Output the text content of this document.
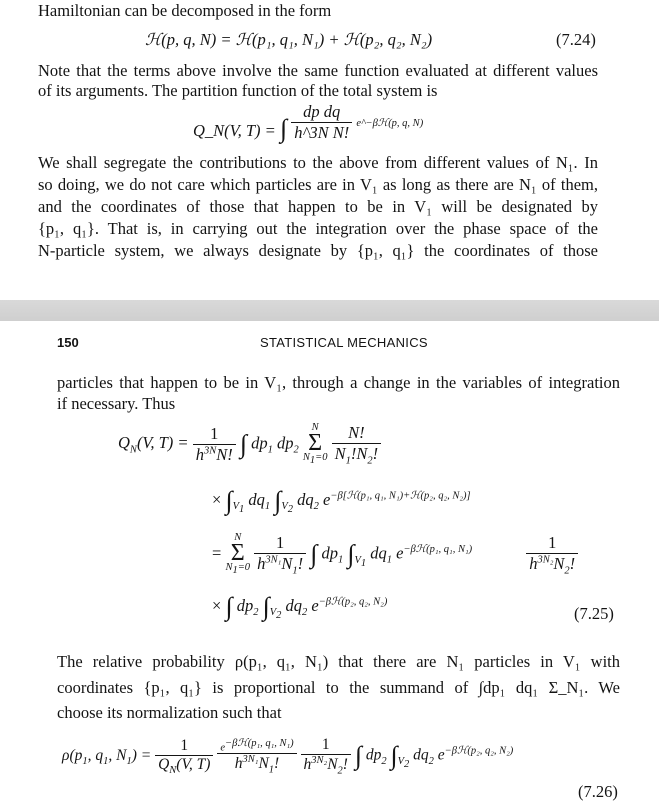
Hamiltonian can be decomposed in the form
ℋ(p, q, N) = ℋ(p₁, q₁, N₁) + ℋ(p₂, q₂, N₂)	(7.24)
Note that the terms above involve the same function evaluated at different values
of its arguments. The partition function of the total system is
Q_N(V, T) = ∫ $\frac{\text{dp dq}}{\text{h\textasciicircum{}3N N!}}$ e^−βℋ(p, q, N)
We shall segregate the contributions to the above from different values of N₁. In
so doing, we do not care which particles are in V₁ as long as there are N₁ of them,
and the coordinates of those that happen to be in V₁ will be designated by
{p₁, q₁}. That is, in carrying out the integration over the phase space of the
N-particle system, we always designate by {p₁, q₁} the coordinates of those
150	STATISTICAL MECHANICS
particles that happen to be in V₁, through a change in the variables of integration
if necessary. Thus
$Q_N(V$, $T) = \frac{1}{h^{3N}N!}$ ∫ $dp_1$ $dp_2$
N
Σ
$N_1=0$
$\frac{N!}{N_1!N_2!}$
× $\int_{V_1}$ $dq_1$ $\int_{V_2}$ $dq_2$ $e^{-\beta[ℋ(p_1, q_1, N_1)+ℋ(p_2, q_2, N_2)]}$
=
N
Σ
$N_1=0$
$\frac{1}{h^{3N_1}N_1!}$ ∫ $dp_1$ $\int_{V_1}$ $dq_1$ $e^{-\beta ℋ(p_1, q_1, N_1)}$	$\frac{1}{h^{3N_2}N_2!}$
× ∫ $dp_2$ $\int_{V_2}$ $dq_2$ $e^{-\beta ℋ(p_2, q_2, N_2)}$
(7.25)
The relative probability ρ(p₁, q₁, N₁) that there are N₁ particles in V₁ with
coordinates {p₁, q₁} is proportional to the summand of ∫dp₁ dq₁ Σ_N₁. We
choose its normalization such that
$\rho(p_1$, $q_1$, $N_1) = \frac{1}{Q_N(V, T)}$
$\frac{e^{-\beta ℋ(p_1, q_1, N_1)}}{h^{3N_1}N_1!}$
$\frac{1}{h^{3N_2}N_2!}$ ∫ $dp_2$ $\int_{V_2}$ $dq_2$ $e^{-\beta ℋ(p_2, q_2, N_2)}$
(7.26)
